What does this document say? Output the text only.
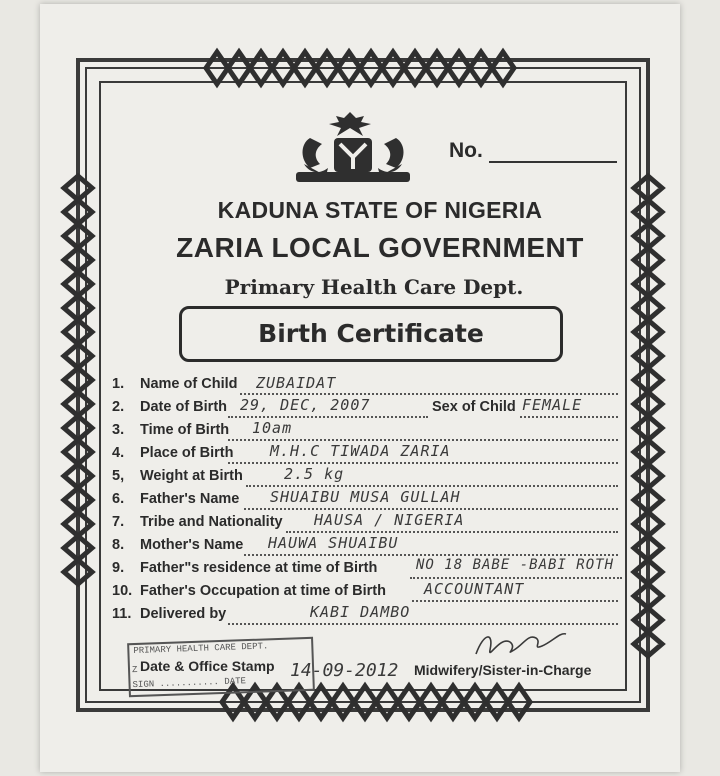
No.
KADUNA STATE OF NIGERIA
ZARIA LOCAL GOVERNMENT
Primary Health Care Dept.
Birth Certificate
1. Name of Child ZUBAIDAT
2. Date of Birth 29, DEC, 2007	Sex of Child FEMALE
3. Time of Birth 10am
4. Place of Birth M.H.C TIWADA ZARIA
5, Weight at Birth	2.5 kg
6. Father's Name SHUAIBU MUSA GULLAH
7. Tribe and Nationality HAUSA / NIGERIA
8. Mother's Name HAUWA SHUAIBU
9. Father"s residence at time of Birth	NO 18 BABE -BABI ROTH
10. Father's Occupation at time of Birth	ACCOUNTANT
11. Delivered by	KABI DAMBO
PRIMARY HEALTH CARE DEPT.
Z
SIGN ........... DATE
Date & Office Stamp 14-09-2012 Midwifery/Sister-in-Charge
